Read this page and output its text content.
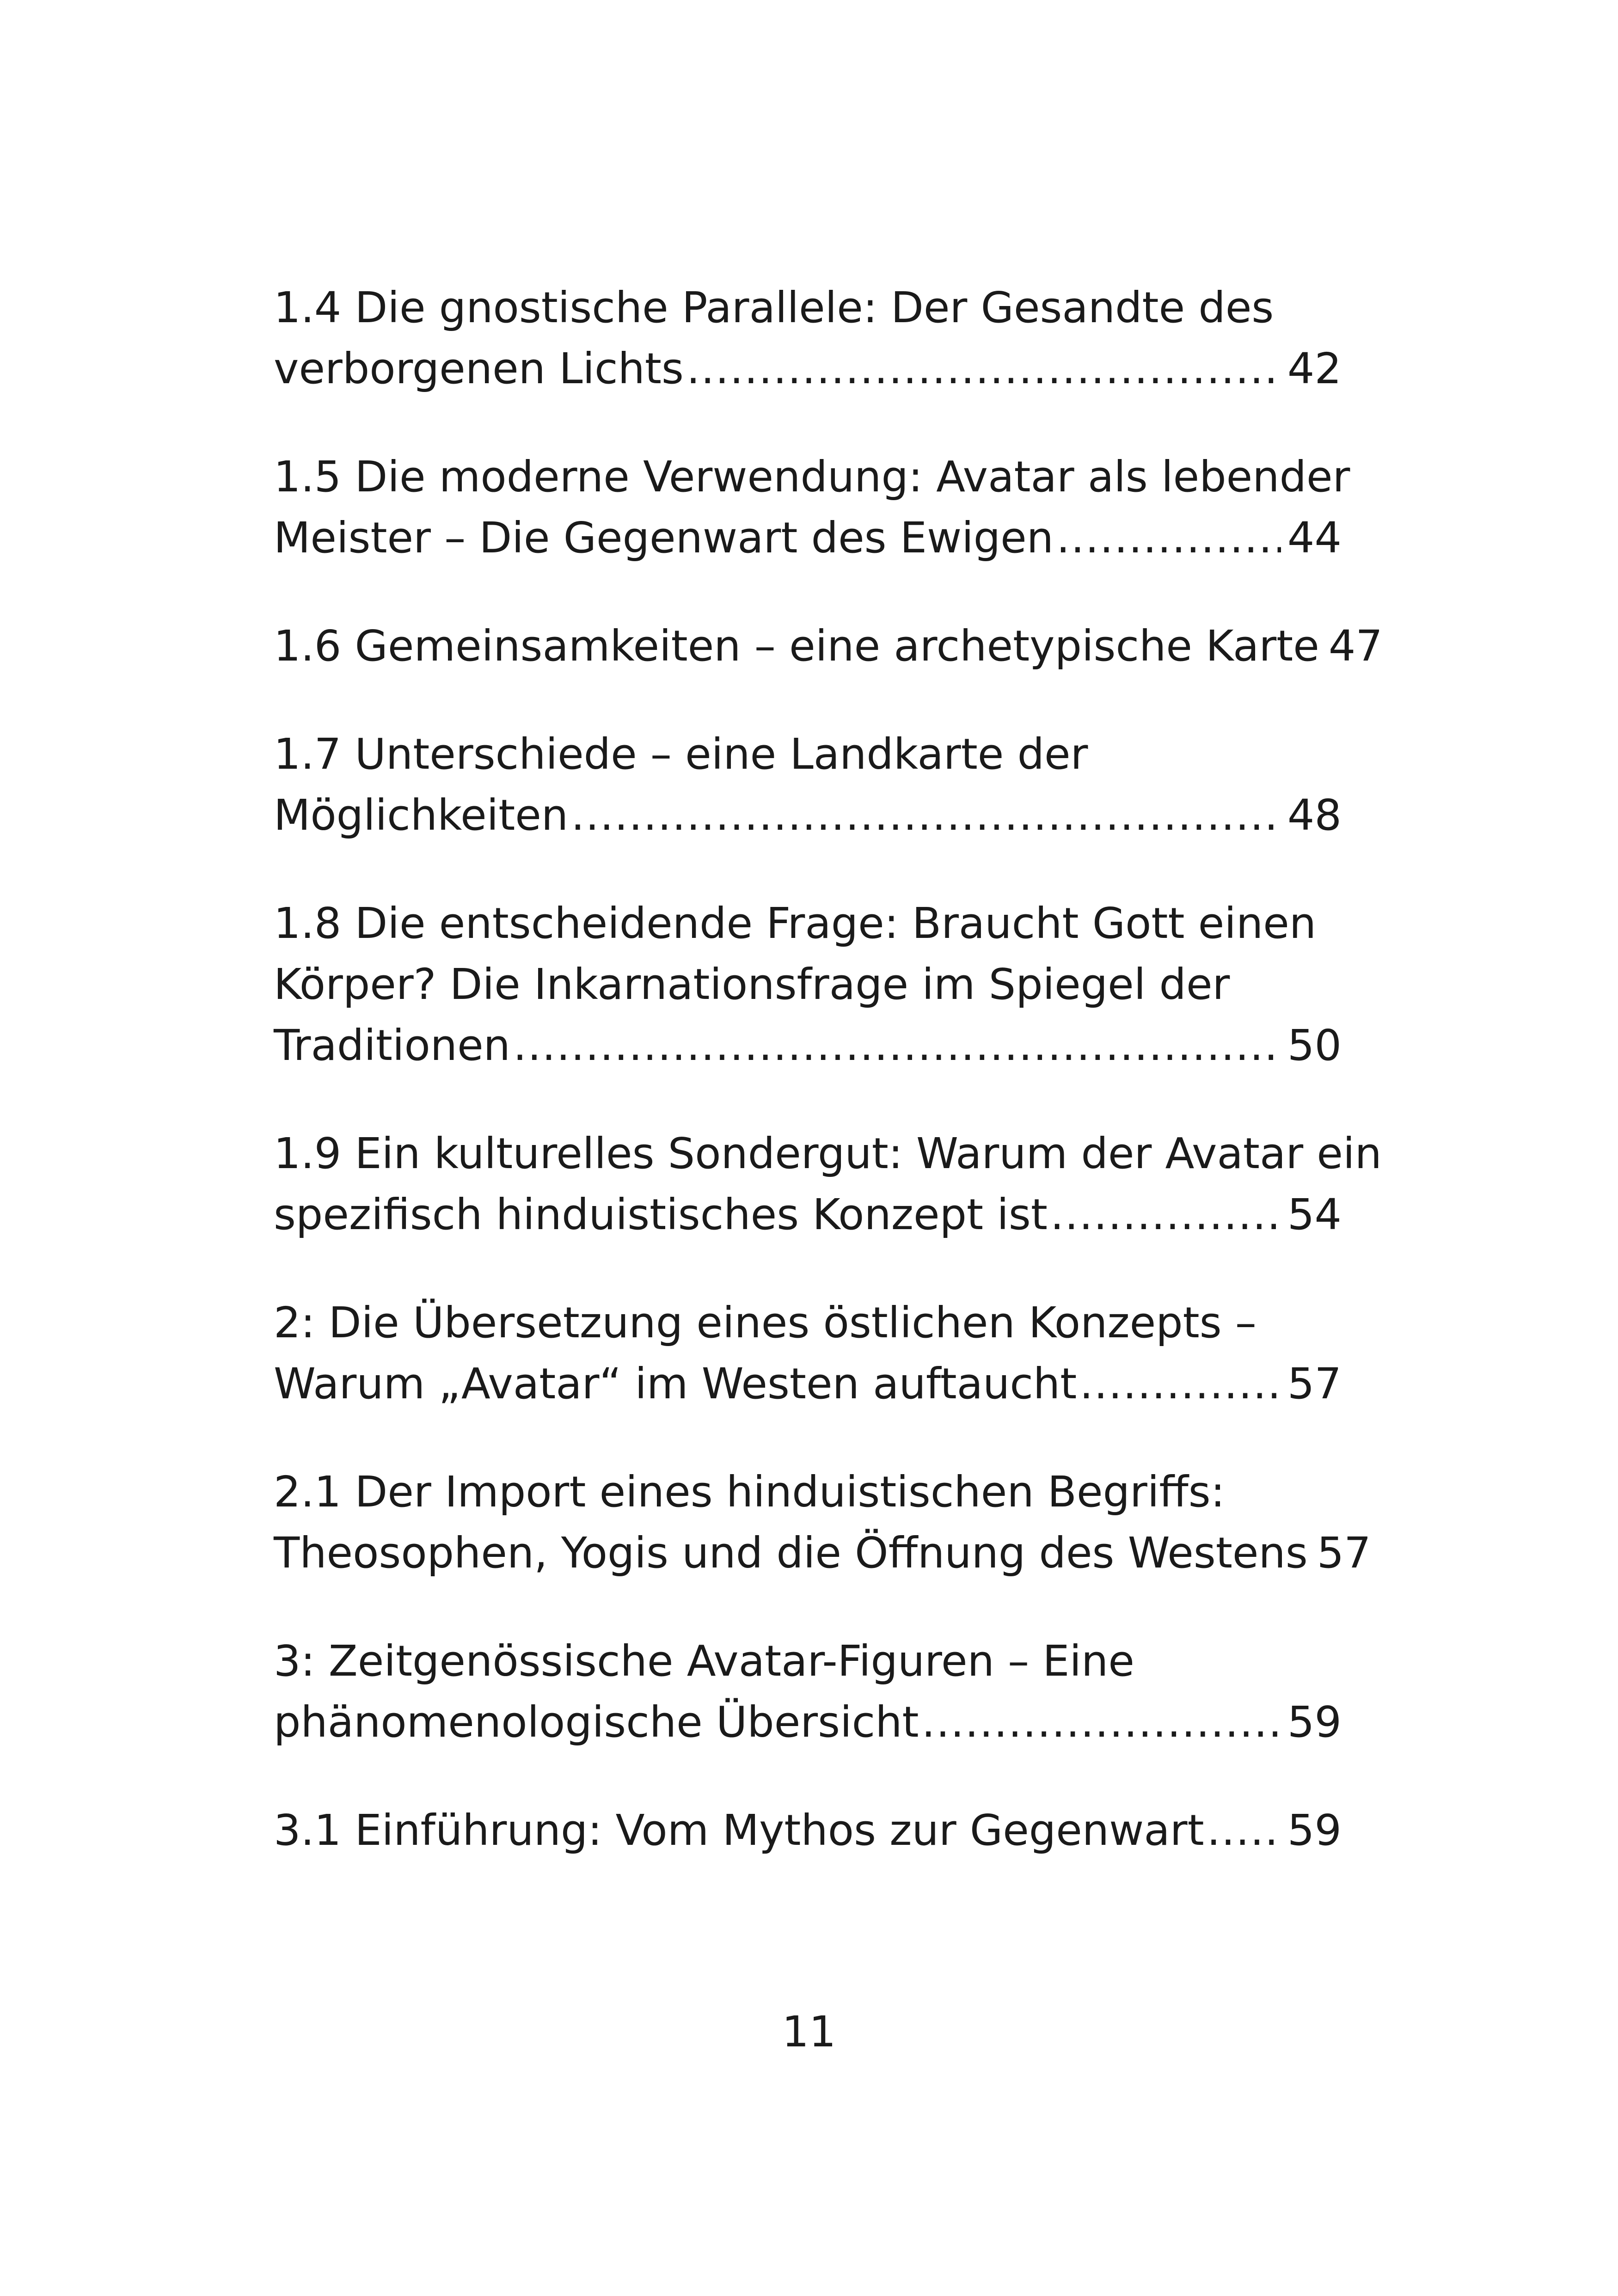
1.4 Die gnostische Parallele: Der Gesandte des
verborgenen Lichts .....	42
1.5 Die moderne Verwendung: Avatar als lebender
Meister – Die Gegenwart des Ewigen .....	44
1.6 Gemeinsamkeiten – eine archetypische Karte 47
1.7 Unterschiede – eine Landkarte der
Möglichkeiten .....	48
1.8 Die entscheidende Frage: Braucht Gott einen
Körper? Die Inkarnationsfrage im Spiegel der
Traditionen .....	50
1.9 Ein kulturelles Sondergut: Warum der Avatar ein
spezifisch hinduistisches Konzept ist .....	54
2: Die Übersetzung eines östlichen Konzepts –
Warum „Avatar“ im Westen auftaucht .....	57
2.1 Der Import eines hinduistischen Begriffs:
Theosophen, Yogis und die Öffnung des Westens 57
3: Zeitgenössische Avatar-Figuren – Eine
phänomenologische Übersicht .....	59
3.1 Einführung: Vom Mythos zur Gegenwart ..... 59
11
